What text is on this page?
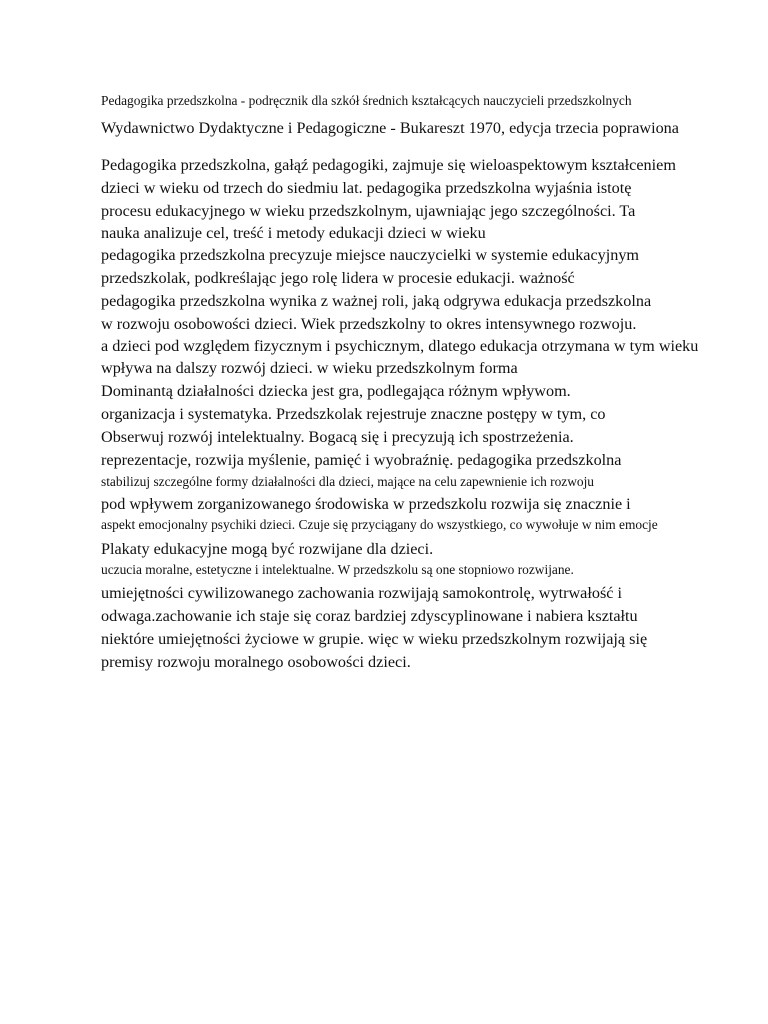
Pedagogika przedszkolna - podręcznik dla szkół średnich kształcących nauczycieli przedszkolnych
Wydawnictwo Dydaktyczne i Pedagogiczne - Bukareszt 1970, edycja trzecia poprawiona
Pedagogika przedszkolna, gałąź pedagogiki, zajmuje się wieloaspektowym kształceniem
dzieci w wieku od trzech do siedmiu lat. pedagogika przedszkolna wyjaśnia istotę
procesu edukacyjnego w wieku przedszkolnym, ujawniając jego szczególności. Ta
nauka analizuje cel, treść i metody edukacji dzieci w wieku
pedagogika przedszkolna precyzuje miejsce nauczycielki w systemie edukacyjnym
przedszkolak, podkreślając jego rolę lidera w procesie edukacji. ważność
pedagogika przedszkolna wynika z ważnej roli, jaką odgrywa edukacja przedszkolna
w rozwoju osobowości dzieci. Wiek przedszkolny to okres intensywnego rozwoju.
a dzieci pod względem fizycznym i psychicznym, dlatego edukacja otrzymana w tym wieku
wpływa na dalszy rozwój dzieci. w wieku przedszkolnym forma
Dominantą działalności dziecka jest gra, podlegająca różnym wpływom.
organizacja i systematyka. Przedszkolak rejestruje znaczne postępy w tym, co
Obserwuj rozwój intelektualny. Bogacą się i precyzują ich spostrzeżenia.
reprezentacje, rozwija myślenie, pamięć i wyobraźnię. pedagogika przedszkolna
stabilizuj szczególne formy działalności dla dzieci, mające na celu zapewnienie ich rozwoju
pod wpływem zorganizowanego środowiska w przedszkolu rozwija się znacznie i
aspekt emocjonalny psychiki dzieci. Czuje się przyciągany do wszystkiego, co wywołuje w nim emocje
Plakaty edukacyjne mogą być rozwijane dla dzieci.
uczucia moralne, estetyczne i intelektualne. W przedszkolu są one stopniowo rozwijane.
umiejętności cywilizowanego zachowania rozwijają samokontrolę, wytrwałość i
odwaga.zachowanie ich staje się coraz bardziej zdyscyplinowane i nabiera kształtu
niektóre umiejętności życiowe w grupie. więc w wieku przedszkolnym rozwijają się
premisy rozwoju moralnego osobowości dzieci.
